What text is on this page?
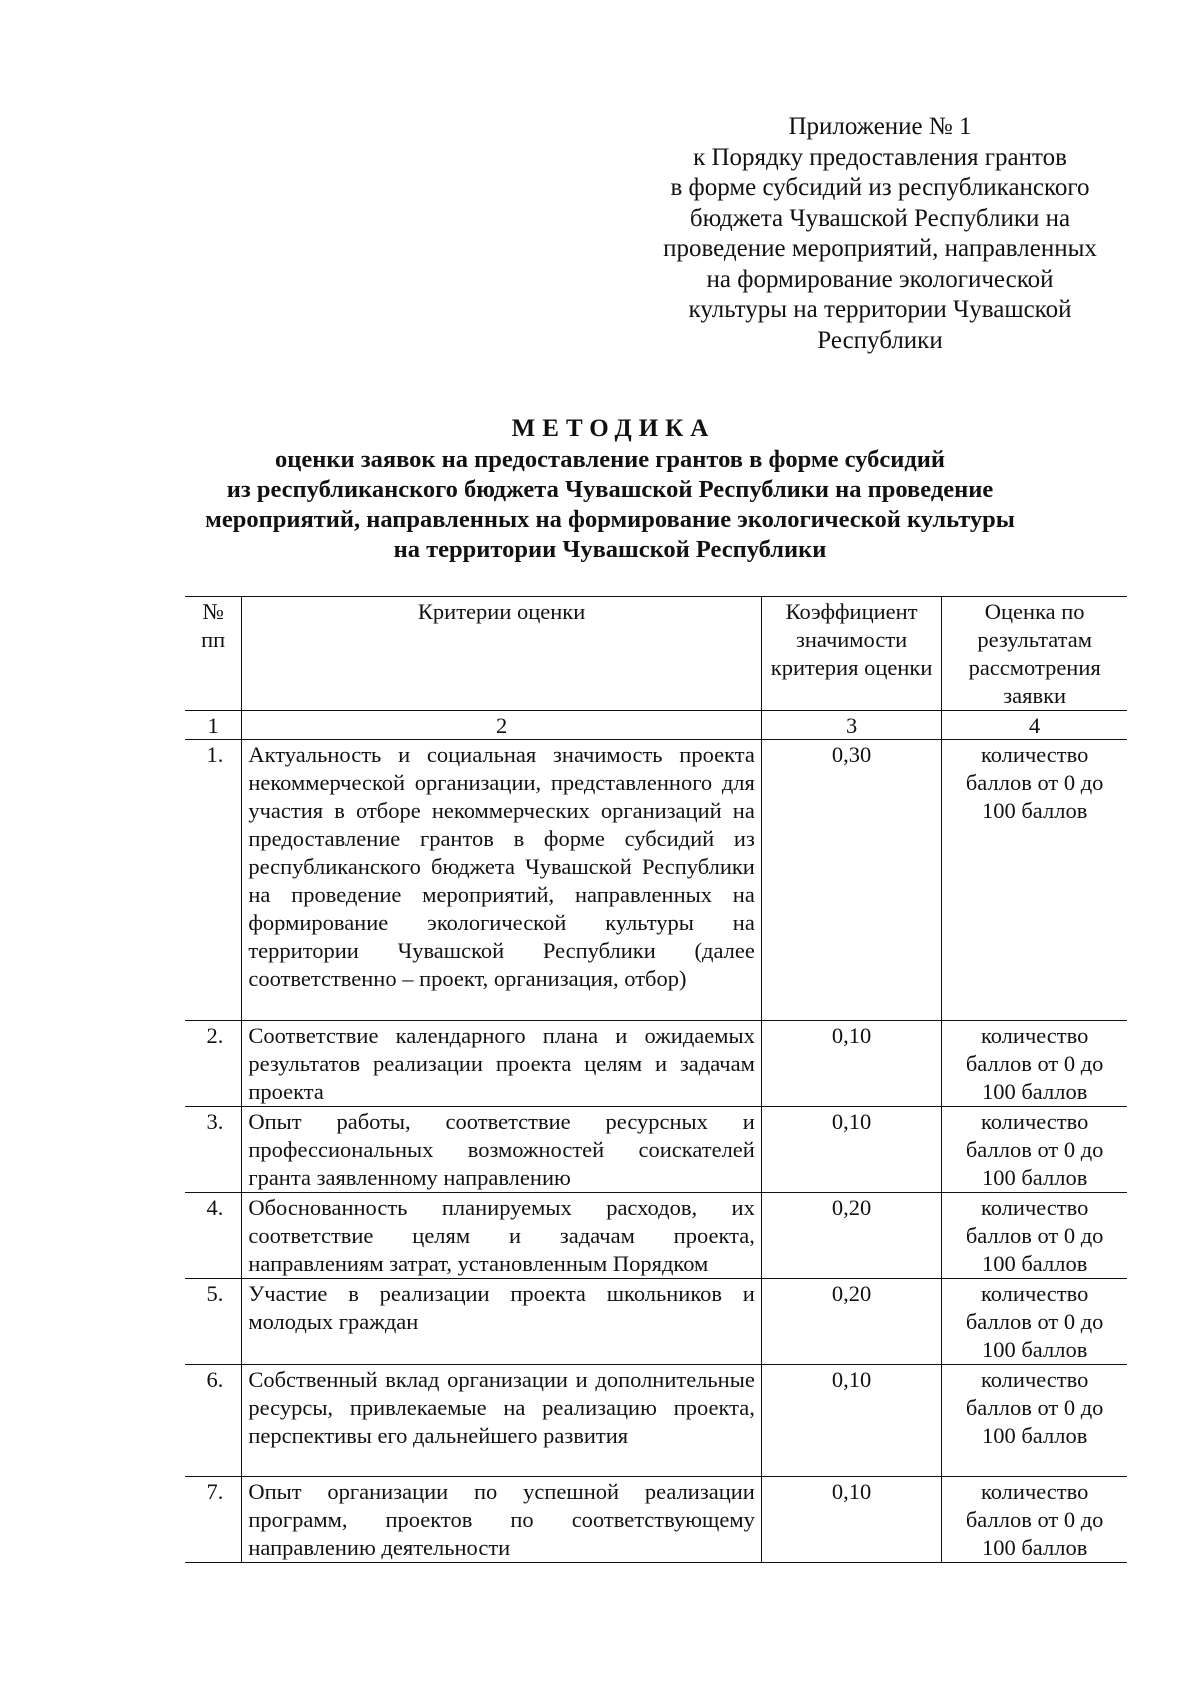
Приложение № 1
к Порядку предоставления грантов
в форме субсидий из республиканского
бюджета Чувашской Республики на
проведение мероприятий, направленных
на формирование экологической
культуры на территории Чувашской
Республики
МЕТОДИКА
оценки заявок на предоставление грантов в форме субсидий
из республиканского бюджета Чувашской Республики на проведение
мероприятий, направленных на формирование экологической культуры
на территории Чувашской Республики
№ пп	Критерии оценки	Коэффициент значимости критерия оценки	Оценка по результатам рассмотрения заявки
1	2	3	4
1.	Актуальность и социальная значимость проекта некоммерческой организации, представленного для участия в отборе некоммерческих организаций на предоставление грантов в форме субсидий из республиканского бюджета Чувашской Республики на проведение мероприятий, направленных на формирование экологической культуры на территории Чувашской Республики (далее соответственно – проект, организация, отбор)	0,30	количество баллов от 0 до 100 баллов
2.	Соответствие календарного плана и ожидаемых результатов реализации проекта целям и задачам проекта	0,10	количество баллов от 0 до 100 баллов
3.	Опыт работы, соответствие ресурсных и профессиональных возможностей соискателей гранта заявленному направлению	0,10	количество баллов от 0 до 100 баллов
4.	Обоснованность планируемых расходов, их соответствие целям и задачам проекта, направлениям затрат, установленным Порядком	0,20	количество баллов от 0 до 100 баллов
5.	Участие в реализации проекта школьников и молодых граждан	0,20	количество баллов от 0 до 100 баллов
6.	Собственный вклад организации и дополнительные ресурсы, привлекаемые на реализацию проекта, перспективы его дальнейшего развития	0,10	количество баллов от 0 до 100 баллов
7.	Опыт организации по успешной реализации программ, проектов по соответствующему направлению деятельности	0,10	количество баллов от 0 до 100 баллов
